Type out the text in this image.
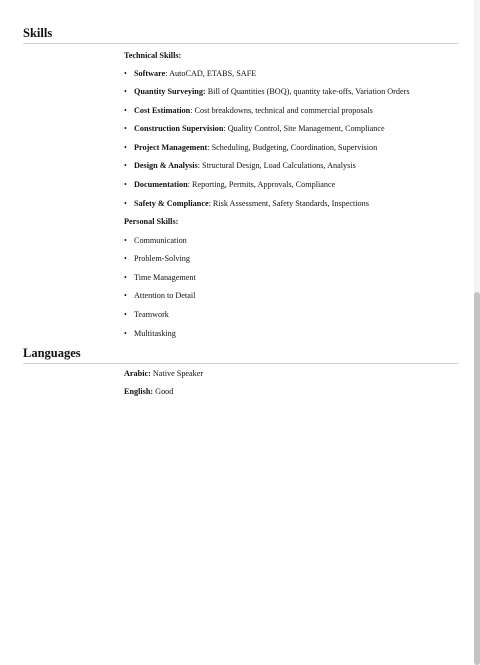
Skills
Technical Skills:
• Software: AutoCAD, ETABS, SAFE
• Quantity Surveying: Bill of Quantities (BOQ), quantity take-offs, Variation Orders
• Cost Estimation: Cost breakdowns, technical and commercial proposals
• Construction Supervision: Quality Control, Site Management, Compliance
• Project Management: Scheduling, Budgeting, Coordination, Supervision
• Design & Analysis: Structural Design, Load Calculations, Analysis
• Documentation: Reporting, Permits, Approvals, Compliance
• Safety & Compliance: Risk Assessment, Safety Standards, Inspections
Personal Skills:
• Communication
• Problem-Solving
• Time Management
• Attention to Detail
• Teamwork
• Multitasking
Languages
Arabic: Native Speaker
English: Good
